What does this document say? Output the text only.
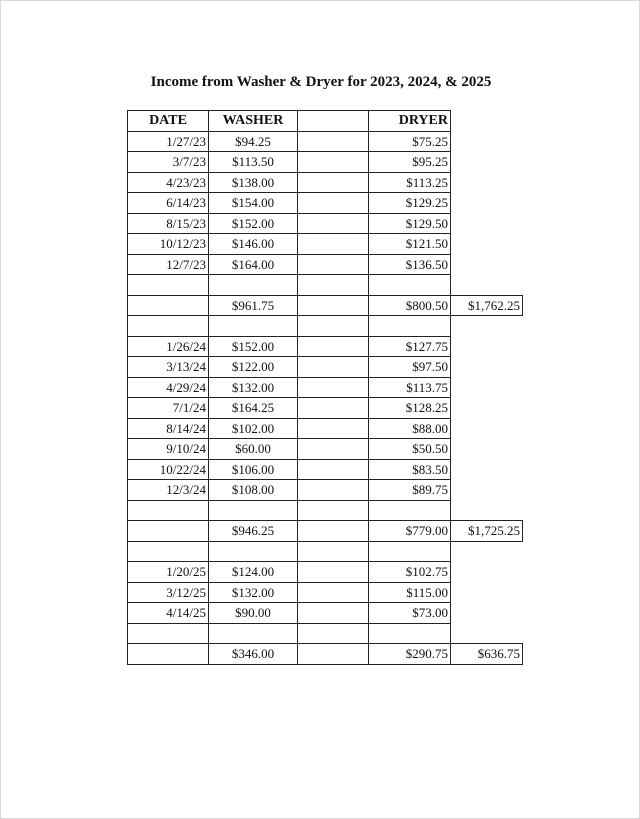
Income from Washer & Dryer for 2023, 2024, & 2025
DATE	WASHER		DRYER	
1/27/23	$94.25		$75.25	
3/7/23	$113.50		$95.25	
4/23/23	$138.00		$113.25	
6/14/23	$154.00		$129.25	
8/15/23	$152.00		$129.50	
10/12/23	$146.00		$121.50	
12/7/23	$164.00		$136.50	

	$961.75		$800.50	$1,762.25

1/26/24	$152.00		$127.75	
3/13/24	$122.00		$97.50	
4/29/24	$132.00		$113.75	
7/1/24	$164.25		$128.25	
8/14/24	$102.00		$88.00	
9/10/24	$60.00		$50.50	
10/22/24	$106.00		$83.50	
12/3/24	$108.00		$89.75	

	$946.25		$779.00	$1,725.25

1/20/25	$124.00		$102.75	
3/12/25	$132.00		$115.00	
4/14/25	$90.00		$73.00	

	$346.00		$290.75	$636.75
